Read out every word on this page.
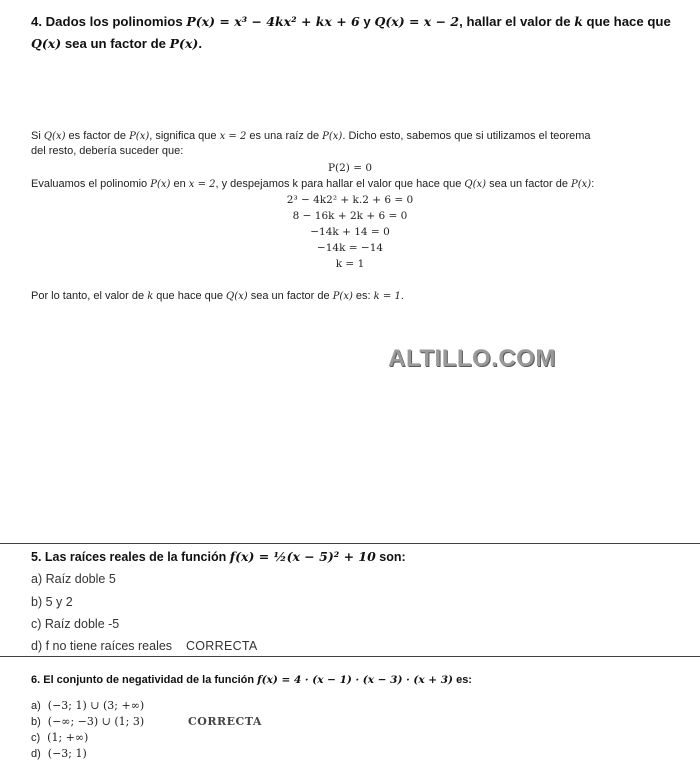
4. Dados los polinomios P(x) = x³ − 4kx² + kx + 6 y Q(x) = x − 2, hallar el valor de k que hace que
Q(x) sea un factor de P(x).
Si Q(x) es factor de P(x), significa que x = 2 es una raíz de P(x). Dicho esto, sabemos que si utilizamos el teorema
del resto, debería suceder que:
P(2) = 0
Evaluamos el polinomio P(x) en x = 2, y despejamos k para hallar el valor que hace que Q(x) sea un factor de P(x):
2³ − 4k2² + k.2 + 6 = 0
8 − 16k + 2k + 6 = 0
−14k + 14 = 0
−14k = −14
k = 1
Por lo tanto, el valor de k que hace que Q(x) sea un factor de P(x) es: k = 1.
ALTILLO.COM
5. Las raíces reales de la función f(x) = ½(x − 5)² + 10 son:
a) Raíz doble 5
b) 5 y 2
c) Raíz doble -5
d) f no tiene raíces reales CORRECTA
6. El conjunto de negatividad de la función f(x) = 4 · (x − 1) · (x − 3) · (x + 3) es:
a) (−3; 1) ∪ (3; +∞)
b) (−∞; −3) ∪ (1; 3)	CORRECTA
c) (1; +∞)
d) (−3; 1)
